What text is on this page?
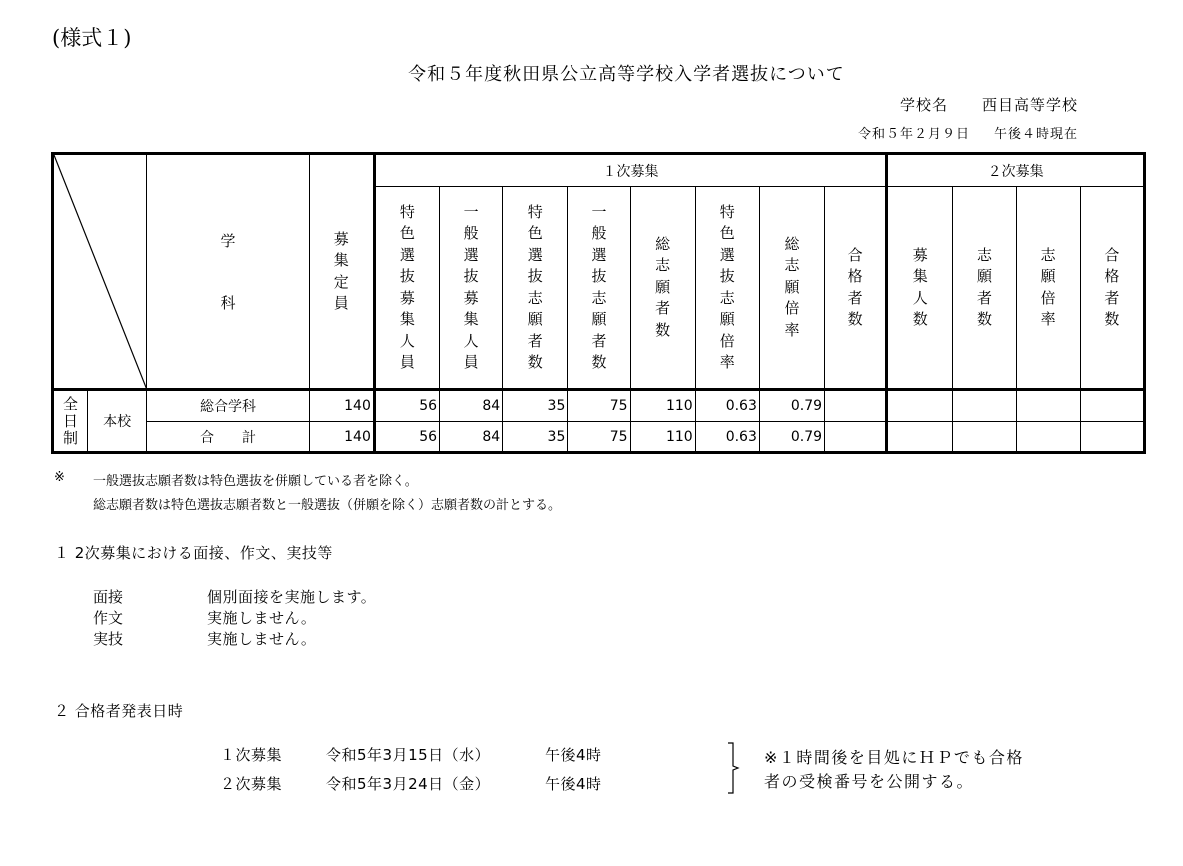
(様式１)
令和５年度秋田県公立高等学校入学者選抜について
学校名 西目高等学校
令和５年２月９日 午後４時現在

学
科	募集定員	１次募集								２次募集			
				特色選抜募集人員	一般選抜募集人員	特色選抜志願者数	一般選抜志願者数	総志願者数	特色選抜志願倍率	総志願倍率	合格者数	募集人数	志願者数	志願倍率	合格者数
全日制	本校	総合学科	140	56	84	35	75	110	0.63	0.79					
		合　　計	140	56	84	35	75	110	0.63	0.79					
※ 一般選抜志願者数は特色選抜を併願している者を除く。
総志願者数は特色選抜志願者数と一般選抜（併願を除く）志願者数の計とする。
１ 2次募集における面接、作文、実技等
面接	個別面接を実施します。
作文	実施しません。
実技	実施しません。
２ 合格者発表日時
１次募集	令和5年3月15日（水）	午後4時
２次募集	令和5年3月24日（金）	午後4時
※１時間後を目処にＨＰでも合格
者の受検番号を公開する。
